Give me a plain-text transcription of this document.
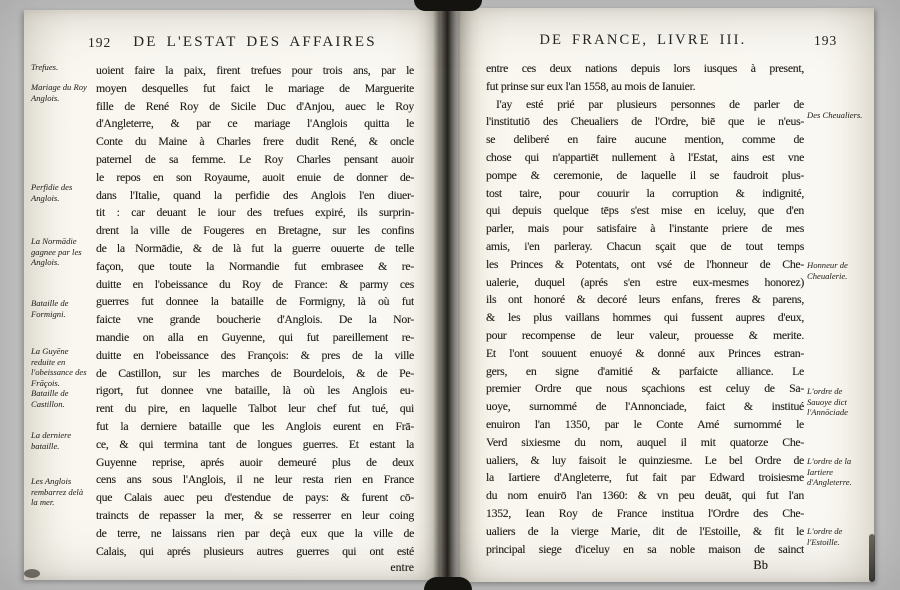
192	DE L'ESTAT DES AFFAIRES
Trefues.
Mariage du Roy Anglois.
Perfidie des Anglois.
La Normādie gagnee par les Anglois.
Bataille de Formigni.
La Guyēne reduite en l'obeissance des Frāçois. Bataille de Castillon.
La derniere bataille.
Les Anglois rembarrez delà la mer.
uoient faire la paix, firent trefues pour trois ans, par le
moyen desquelles fut faict le mariage de Marguerite
fille de René Roy de Sicile Duc d'Anjou, auec le Roy
d'Angleterre, & par ce mariage l'Anglois quitta le
Conte du Maine à Charles frere dudit René, & oncle
paternel de sa femme. Le Roy Charles pensant auoir
le repos en son Royaume, auoit enuie de donner de-
dans l'Italie, quand la perfidie des Anglois l'en diuer-
tit : car deuant le iour des trefues expiré, ils surprin-
drent la ville de Fougeres en Bretagne, sur les confins
de la Normādie, & de là fut la guerre ouuerte de telle
façon, que toute la Normandie fut embrasee & re-
duitte en l'obeissance du Roy de France: & parmy ces
guerres fut donnee la bataille de Formigny, là où fut
faicte vne grande boucherie d'Anglois. De la Nor-
mandie on alla en Guyenne, qui fut pareillement re-
duitte en l'obeissance des François: & pres de la ville
de Castillon, sur les marches de Bourdelois, & de Pe-
rigort, fut donnee vne bataille, là où les Anglois eu-
rent du pire, en laquelle Talbot leur chef fut tué, qui
fut la derniere bataille que les Anglois eurent en Frā-
ce, & qui termina tant de longues guerres. Et estant la
Guyenne reprise, aprés auoir demeuré plus de deux
cens ans sous l'Anglois, il ne leur resta rien en France
que Calais auec peu d'estendue de pays: & furent cō-
traincts de repasser la mer, & se resserrer en leur coing
de terre, ne laissans rien par deçà eux que la ville de
Calais, qui aprés plusieurs autres guerres qui ont esté
entre
DE FRANCE, LIVRE III.	193
Des Cheualiers.
Honneur de Cheualerie.
L'ordre de Sauoye dict l'Annōciade
L'ordre de la Iartiere d'Angleterre.
L'ordre de l'Estoille.
entre ces deux nations depuis lors iusques à present,
fut prinse sur eux l'an 1558, au mois de Ianuier.
I'ay esté prié par plusieurs personnes de parler de
l'institutiō des Cheualiers de l'Ordre, biē que ie n'eus-
se deliberé en faire aucune mention, comme de
chose qui n'appartiēt nullement à l'Estat, ains est vne
pompe & ceremonie, de laquelle il se faudroit plus-
tost taire, pour couurir la corruption & indignité,
qui depuis quelque tēps s'est mise en iceluy, que d'en
parler, mais pour satisfaire à l'instante priere de mes
amis, i'en parleray. Chacun sçait que de tout temps
les Princes & Potentats, ont vsé de l'honneur de Che-
ualerie, duquel (aprés s'en estre eux-mesmes honorez)
ils ont honoré & decoré leurs enfans, freres & parens,
& les plus vaillans hommes qui fussent aupres d'eux,
pour recompense de leur valeur, prouesse & merite.
Et l'ont souuent enuoyé & donné aux Princes estran-
gers, en signe d'amitié & parfaicte alliance. Le
premier Ordre que nous sçachions est celuy de Sa-
uoye, surnommé de l'Annonciade, faict & institué
enuiron l'an 1350, par le Conte Amé surnommé le
Verd sixiesme du nom, auquel il mit quatorze Che-
ualiers, & luy faisoit le quinziesme. Le bel Ordre de
la Iartiere d'Angleterre, fut fait par Edward troisiesme
du nom enuirō l'an 1360: & vn peu deuāt, qui fut l'an
1352, Iean Roy de France institua l'Ordre des Che-
ualiers de la vierge Marie, dit de l'Estoille, & fit le
principal siege d'iceluy en sa noble maison de sainct
Bb
